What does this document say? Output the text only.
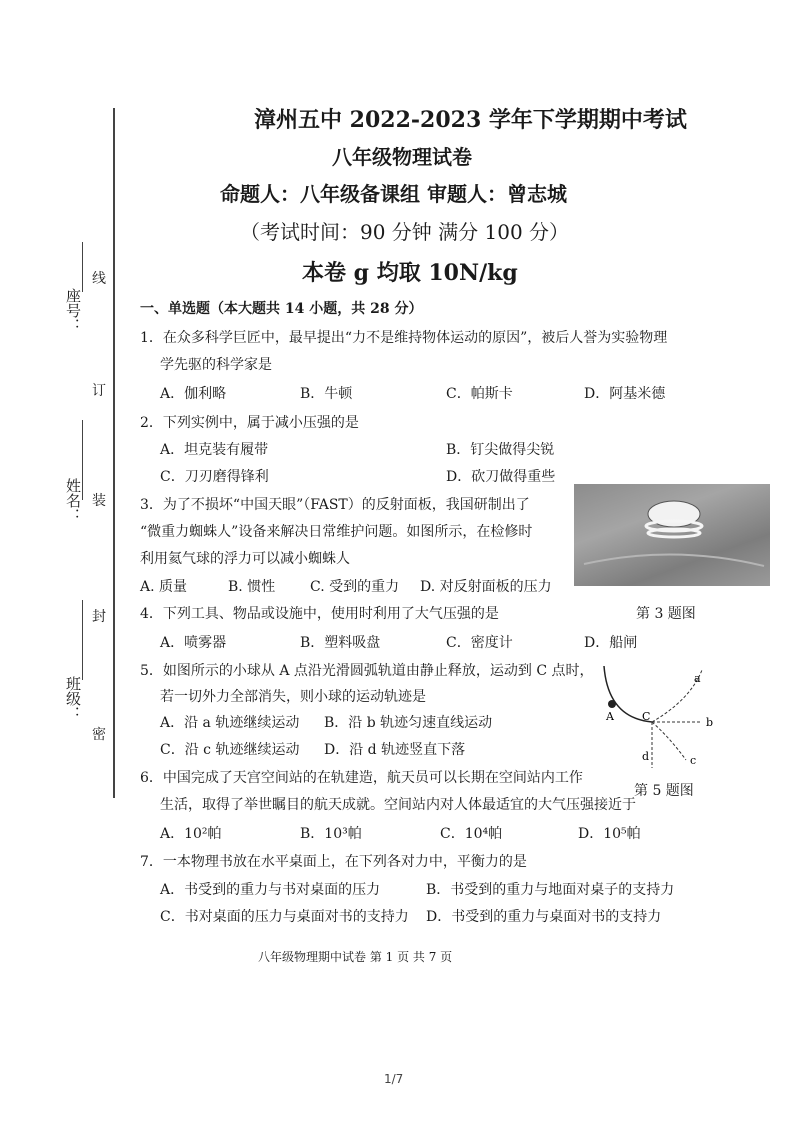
座号：
姓名：
班级：
线
订
装
封
密
漳州五中 2022-2023 学年下学期期中考试
八年级物理试卷
命题人：八年级备课组 审题人：曾志城
（考试时间：90 分钟 满分 100 分）
本卷 g 均取 10N/kg
一、单选题（本大题共 14 小题，共 28 分）
1．在众多科学巨匠中，最早提出“力不是维持物体运动的原因”，被后人誉为实验物理
学先驱的科学家是
A．伽利略	B．牛顿	C．帕斯卡	D．阿基米德
2．下列实例中，属于减小压强的是
A．坦克装有履带	B．钉尖做得尖锐
C．刀刃磨得锋利	D．砍刀做得重些
3．为了不损坏“中国天眼”（FAST）的反射面板，我国研制出了
“微重力蜘蛛人”设备来解决日常维护问题。如图所示，在检修时
利用氦气球的浮力可以减小蜘蛛人
A. 质量	B. 惯性 C. 受到的重力 D. 对反射面板的压力
第 3 题图
4．下列工具、物品或设施中，使用时利用了大气压强的是
A．喷雾器	B．塑料吸盘	C．密度计	D．船闸
5．如图所示的小球从 A 点沿光滑圆弧轨道由静止释放，运动到 C 点时，
若一切外力全部消失，则小球的运动轨迹是
A．沿 a 轨迹继续运动 B．沿 b 轨迹匀速直线运动
C．沿 c 轨迹继续运动 D．沿 d 轨迹竖直下落
A	C
a
b
c
d
第 5 题图
6．中国完成了天宫空间站的在轨建造，航天员可以长期在空间站内工作
生活，取得了举世瞩目的航天成就。空间站内对人体最适宜的大气压强接近于
A．10²帕	B．10³帕	C．10⁴帕	D．10⁵帕
7．一本物理书放在水平桌面上，在下列各对力中，平衡力的是
A．书受到的重力与书对桌面的压力	B．书受到的重力与地面对桌子的支持力
C．书对桌面的压力与桌面对书的支持力 D．书受到的重力与桌面对书的支持力
八年级物理期中试卷 第 1 页 共 7 页
1/7
